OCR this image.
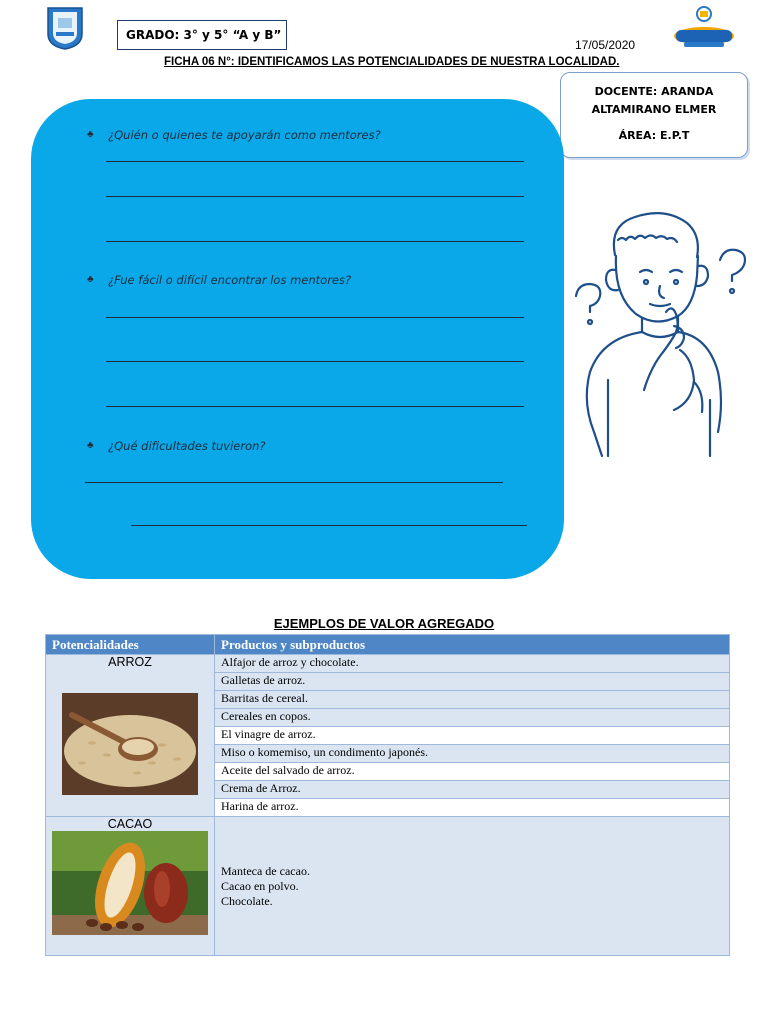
GRADO: 3° y 5° “A y B”
17/05/2020
FICHA 06 N°: IDENTIFICAMOS LAS POTENCIALIDADES DE NUESTRA LOCALIDAD.
DOCENTE: ARANDA
ALTAMIRANO ELMER
ÁREA: E.P.T
♣ ¿Quién o quienes te apoyarán como mentores?
♣ ¿Fue fácil o difícil encontrar los mentores?
♣ ¿Qué dificultades tuvieron?
EJEMPLOS DE VALOR AGREGADO
Potencialidades	Productos y subproductos

ARROZ	Alfajor de arroz y chocolate.
	Galletas de arroz.
	Barritas de cereal.
	Cereales en copos.
	El vinagre de arroz.
	Miso o komemiso, un condimento japonés.
	Aceite del salvado de arroz.
	Crema de Arroz.
	Harina de arroz.

CACAO	Manteca de cacao.
Cacao en polvo.
Chocolate.
